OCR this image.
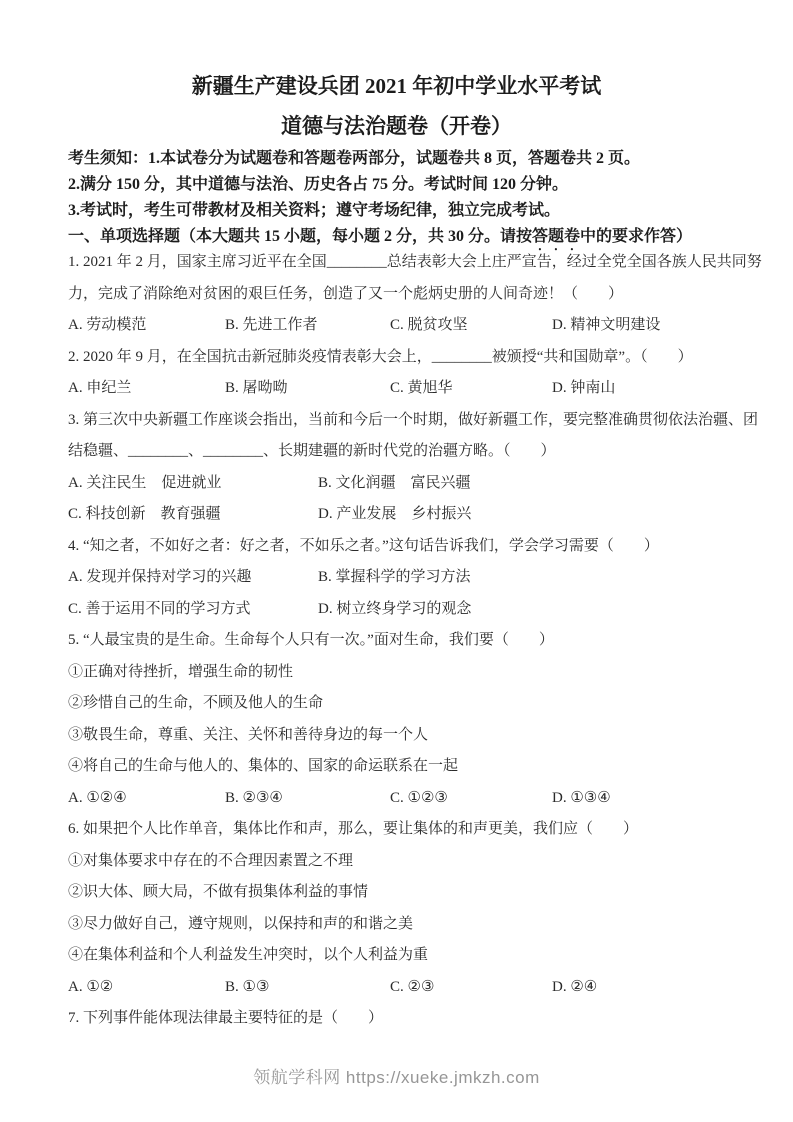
新疆生产建设兵团 2021 年初中学业水平考试
道德与法治题卷（开卷）
考生须知：1.本试卷分为试题卷和答题卷两部分，试题卷共 8 页，答题卷共 2 页。
2.满分 150 分，其中道德与法治、历史各占 75 分。考试时间 120 分钟。
3.考试时，考生可带教材及相关资料；遵守考场纪律，独立完成考试。
一、单项选择题（本大题共 15 小题，每小题 2 分，共 30 分。请按答题卷中的要求作答）
1. 2021 年 2 月，国家主席习近平在全国________总结表彰大会上庄严宣告，经过全党全国各族人民共同努
力，完成了消除绝对贫困的艰巨任务，创造了又一个彪炳史册的人间奇迹！（　　）
A. 劳动模范	B. 先进工作者	C. 脱贫攻坚	D. 精神文明建设
2. 2020 年 9 月，在全国抗击新冠肺炎疫情表彰大会上，________被颁授“共和国勋章”。（　　）
A. 申纪兰	B. 屠呦呦	C. 黄旭华	D. 钟南山
3. 第三次中央新疆工作座谈会指出，当前和今后一个时期，做好新疆工作，要完整准确贯彻依法治疆、团
结稳疆、________、________、长期建疆的新时代党的治疆方略。（　　）
A. 关注民生　促进就业	B. 文化润疆　富民兴疆
C. 科技创新　教育强疆	D. 产业发展　乡村振兴
4. “知之者，不如好之者：好之者，不如乐之者。”这句话告诉我们，学会学习需要（　　）
A. 发现并保持对学习的兴趣	B. 掌握科学的学习方法
C. 善于运用不同的学习方式	D. 树立终身学习的观念
5. “人最宝贵的是生命。生命每个人只有一次。”面对生命，我们要（　　）
①正确对待挫折，增强生命的韧性
②珍惜自己的生命，不顾及他人的生命
③敬畏生命，尊重、关注、关怀和善待身边的每一个人
④将自己的生命与他人的、集体的、国家的命运联系在一起
A. ①②④	B. ②③④	C. ①②③	D. ①③④
6. 如果把个人比作单音，集体比作和声，那么，要让集体的和声更美，我们应（　　）
①对集体要求中存在的不合理因素置之不理
②识大体、顾大局，不做有损集体利益的事情
③尽力做好自己，遵守规则，以保持和声的和谐之美
④在集体利益和个人利益发生冲突时，以个人利益为重
A. ①②	B. ①③	C. ②③	D. ②④
7. 下列事件能体现法律最主要特征的是（　　）
领航学科网 https://xueke.jmkzh.com
